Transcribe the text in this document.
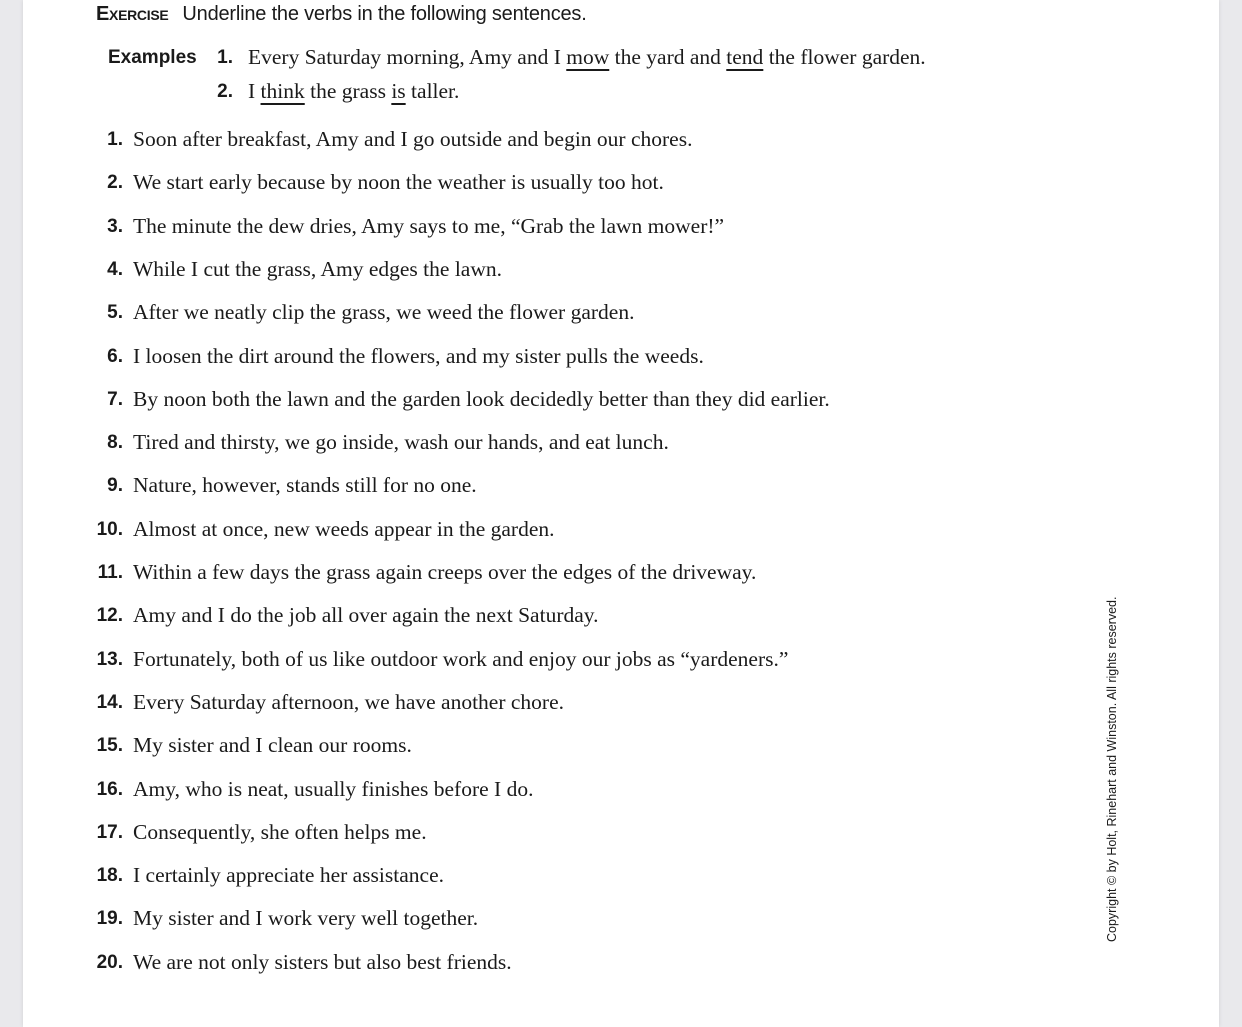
Exercise Underline the verbs in the following sentences.
Examples	1. Every Saturday morning, Amy and I mow the yard and tend the flower garden.
2. I think the grass is taller.
1. Soon after breakfast, Amy and I go outside and begin our chores.
2. We start early because by noon the weather is usually too hot.
3. The minute the dew dries, Amy says to me, “Grab the lawn mower!”
4. While I cut the grass, Amy edges the lawn.
5. After we neatly clip the grass, we weed the flower garden.
6. I loosen the dirt around the flowers, and my sister pulls the weeds.
7. By noon both the lawn and the garden look decidedly better than they did earlier.
8. Tired and thirsty, we go inside, wash our hands, and eat lunch.
9. Nature, however, stands still for no one.
10. Almost at once, new weeds appear in the garden.
11. Within a few days the grass again creeps over the edges of the driveway.
12. Amy and I do the job all over again the next Saturday.
13. Fortunately, both of us like outdoor work and enjoy our jobs as “yardeners.”
14. Every Saturday afternoon, we have another chore.
15. My sister and I clean our rooms.
16. Amy, who is neat, usually finishes before I do.
17. Consequently, she often helps me.
18. I certainly appreciate her assistance.
19. My sister and I work very well together.
20. We are not only sisters but also best friends.
Copyright © by Holt, Rinehart and Winston. All rights reserved.
